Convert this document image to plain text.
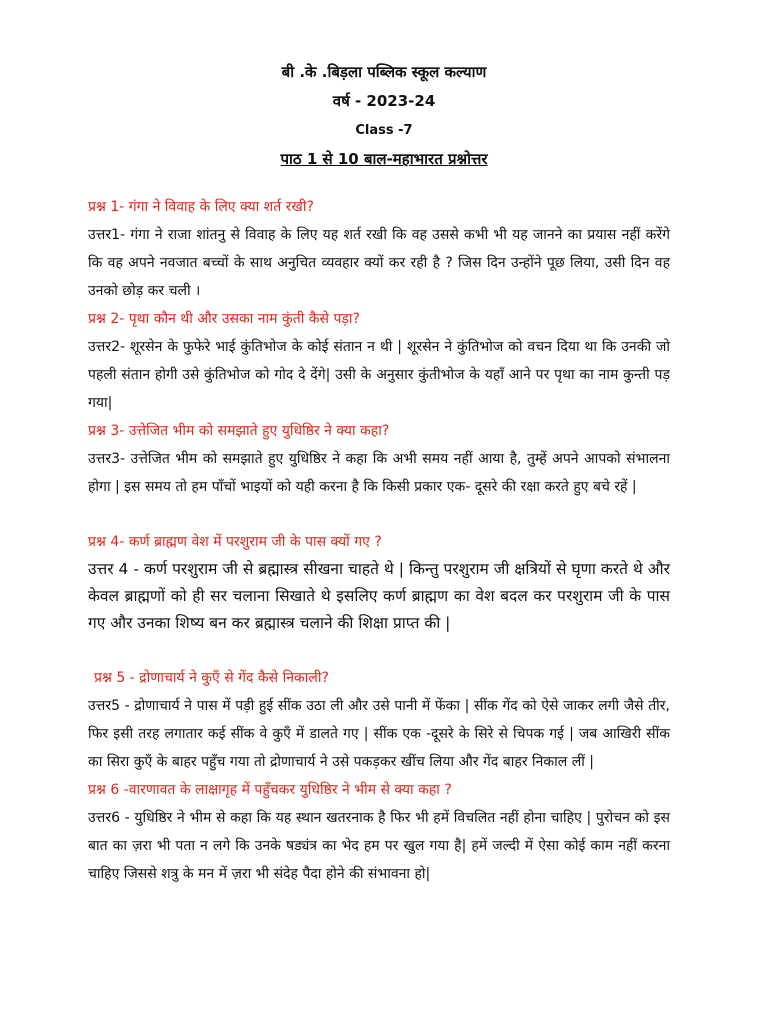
बी .के .बिड़ला पब्लिक स्कूल कल्याण
वर्ष - 2023-24
Class -7
पाठ 1 से 10 बाल-महाभारत प्रश्नोत्तर

प्रश्न 1- गंगा ने विवाह के लिए क्या शर्त रखी?

उत्तर1- गंगा ने राजा शांतनु से विवाह के लिए यह शर्त रखी कि वह उससे कभी भी यह जानने का प्रयास नहीं करेंगे कि वह अपने नवजात बच्चों के साथ अनुचित व्यवहार क्यों कर रही है ? जिस दिन उन्होंने पूछ लिया, उसी दिन वह उनको छोड़ कर चली ।

प्रश्न 2- पृथा कौन थी और उसका नाम कुंती कैसे पड़ा?

उत्तर2- शूरसेन के फुफेरे भाई कुंतिभोज के कोई संतान न थी | शूरसेन ने कुंतिभोज को वचन दिया था कि उनकी जो पहली संतान होगी उसे कुंतिभोज को गोद दे देंगे| उसी के अनुसार कुंतीभोज के यहाँ आने पर पृथा का नाम कुन्ती पड़ गया|

प्रश्न 3- उत्तेजित भीम को समझाते हुए युधिष्ठिर ने क्या कहा?

उत्तर3- उत्तेजित भीम को समझाते हुए युधिष्ठिर ने कहा कि अभी समय नहीं आया है, तुम्हें अपने आपको संभालना होगा | इस समय तो हम पाँचों भाइयों को यही करना है कि किसी प्रकार एक- दूसरे की रक्षा करते हुए बचे रहें |

प्रश्न 4- कर्ण ब्राह्मण वेश में परशुराम जी के पास क्यों गए ?

उत्तर 4 - कर्ण परशुराम जी से ब्रह्मास्त्र सीखना चाहते थे | किन्तु परशुराम जी क्षत्रियों से घृणा करते थे और केवल ब्राह्मणों को ही सर चलाना सिखाते थे इसलिए कर्ण ब्राह्मण का वेश बदल कर परशुराम जी के पास गए और उनका शिष्य बन कर ब्रह्मास्त्र चलाने की शिक्षा प्राप्त की |

प्रश्न 5 - द्रोणाचार्य ने कुएँ से गेंद कैसे निकाली?

उत्तर5 - द्रोणाचार्य ने पास में पड़ी हुई सींक उठा ली और उसे पानी में फेंका | सींक गेंद को ऐसे जाकर लगी जैसे तीर, फिर इसी तरह लगातार कई सींक वे कुएँ में डालते गए | सींक एक -दूसरे के सिरे से चिपक गई | जब आखिरी सींक का सिरा कुएँ के बाहर पहुँच गया तो द्रोणाचार्य ने उसे पकड़कर खींच लिया और गेंद बाहर निकाल लीं |

प्रश्न 6 -वारणावत के लाक्षागृह में पहुँचकर युधिष्ठिर ने भीम से क्या कहा ?

उत्तर6 - युधिष्ठिर ने भीम से कहा कि यह स्थान खतरनाक है फिर भी हमें विचलित नहीं होना चाहिए | पुरोचन को इस बात का ज़रा भी पता न लगे कि उनके षड्यंत्र का भेद हम पर खुल गया है| हमें जल्दी में ऐसा कोई काम नहीं करना चाहिए जिससे शत्रु के मन में ज़रा भी संदेह पैदा होने की संभावना हो|
